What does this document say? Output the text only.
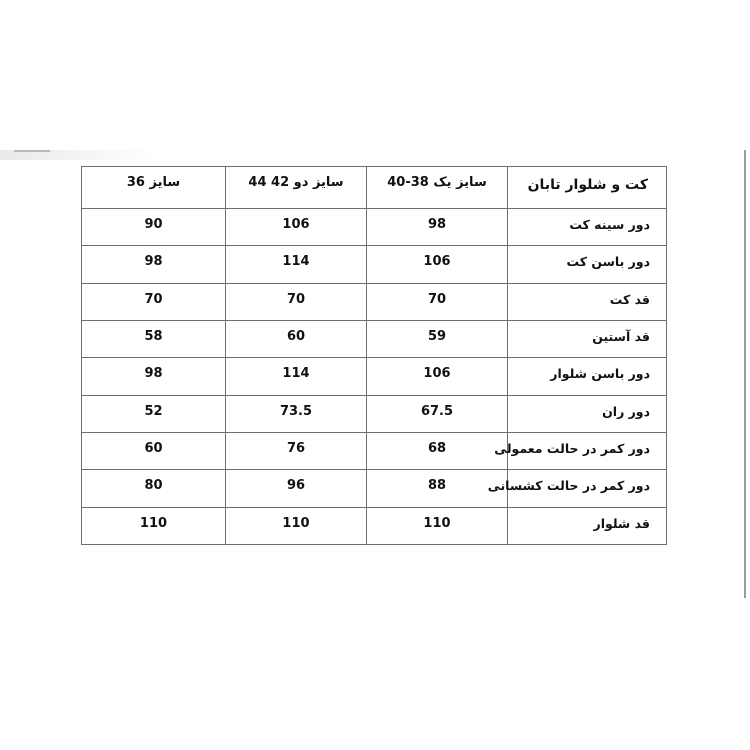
کت و شلوار تابان	سایز یک 38-40	سایز دو 42 44	سایز 36
دور سینه کت	98	106	90
دور باسن کت	106	114	98
قد کت	70	70	70
قد آستین	59	60	58
دور باسن شلوار	106	114	98
دور ران	67.5	73.5	52
دور کمر در حالت معمولی	68	76	60
دور کمر در حالت کشسانی	88	96	80
قد شلوار	110	110	110
